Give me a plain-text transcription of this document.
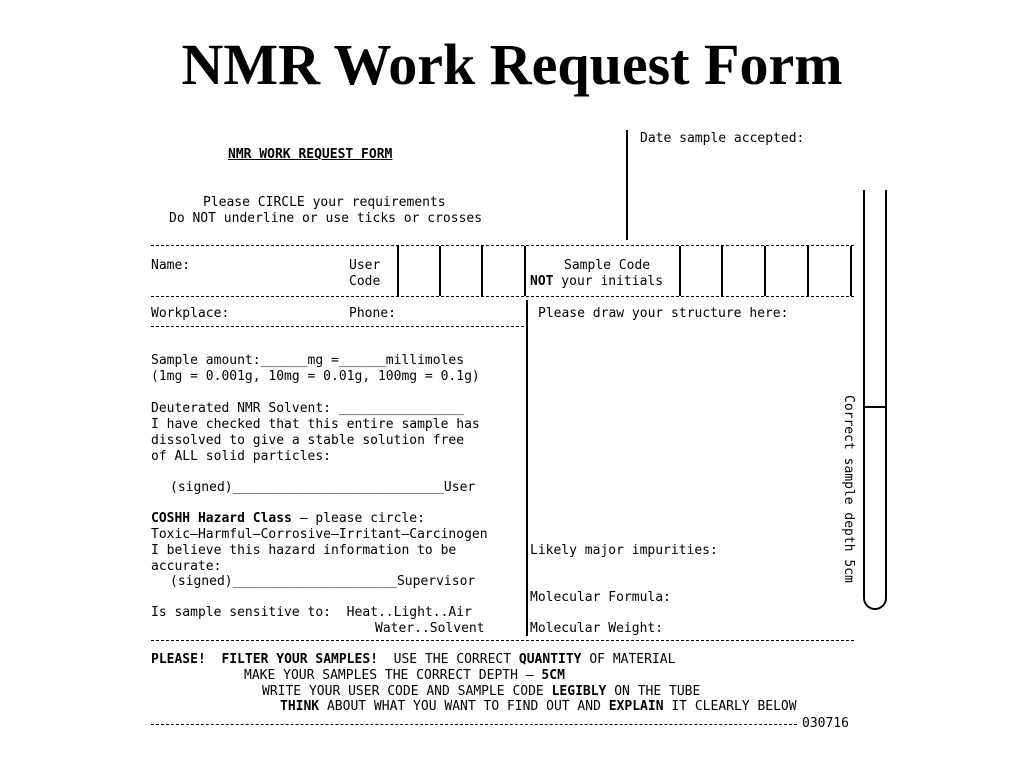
NMR Work Request Form
NMR WORK REQUEST FORM
Please CIRCLE your requirements
Do NOT underline or use ticks or crosses
Date sample accepted:
Name:	User
Code
Sample Code
NOT your initials
Workplace:	Phone:	Please draw your structure here:
Sample amount:______mg =______millimoles
(1mg = 0.001g, 10mg = 0.01g, 100mg = 0.1g)
Deuterated NMR Solvent: ________________
I have checked that this entire sample has
dissolved to give a stable solution free
of ALL solid particles:
(signed)___________________________User
COSHH Hazard Class – please circle:
Toxic–Harmful–Corrosive–Irritant–Carcinogen
I believe this hazard information to be
accurate:
(signed)_____________________Supervisor
Is sample sensitive to:  Heat..Light..Air
Water..Solvent
Likely major impurities:
Molecular Formula:
Molecular Weight:
Correct sample depth 5cm
PLEASE! FILTER YOUR SAMPLES! USE THE CORRECT QUANTITY OF MATERIAL
MAKE YOUR SAMPLES THE CORRECT DEPTH – 5CM
WRITE YOUR USER CODE AND SAMPLE CODE LEGIBLY ON THE TUBE
THINK ABOUT WHAT YOU WANT TO FIND OUT AND EXPLAIN IT CLEARLY BELOW
030716
